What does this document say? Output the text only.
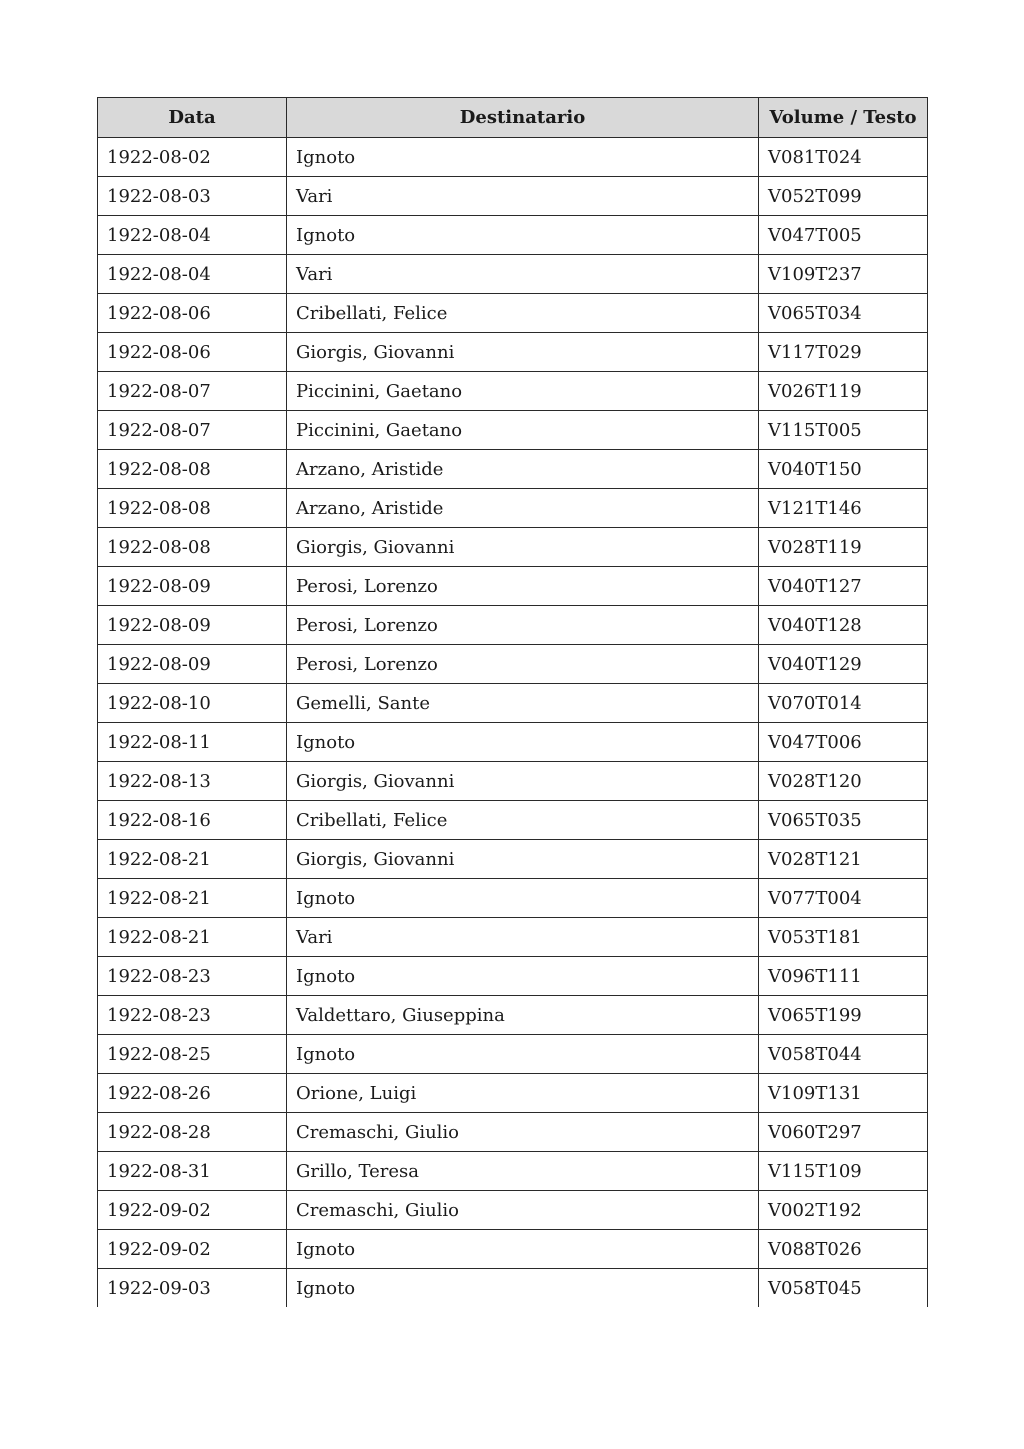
Data	Destinatario	Volume / Testo
1922-08-02	Ignoto	V081T024
1922-08-03	Vari	V052T099
1922-08-04	Ignoto	V047T005
1922-08-04	Vari	V109T237
1922-08-06	Cribellati, Felice	V065T034
1922-08-06	Giorgis, Giovanni	V117T029
1922-08-07	Piccinini, Gaetano	V026T119
1922-08-07	Piccinini, Gaetano	V115T005
1922-08-08	Arzano, Aristide	V040T150
1922-08-08	Arzano, Aristide	V121T146
1922-08-08	Giorgis, Giovanni	V028T119
1922-08-09	Perosi, Lorenzo	V040T127
1922-08-09	Perosi, Lorenzo	V040T128
1922-08-09	Perosi, Lorenzo	V040T129
1922-08-10	Gemelli, Sante	V070T014
1922-08-11	Ignoto	V047T006
1922-08-13	Giorgis, Giovanni	V028T120
1922-08-16	Cribellati, Felice	V065T035
1922-08-21	Giorgis, Giovanni	V028T121
1922-08-21	Ignoto	V077T004
1922-08-21	Vari	V053T181
1922-08-23	Ignoto	V096T111
1922-08-23	Valdettaro, Giuseppina	V065T199
1922-08-25	Ignoto	V058T044
1922-08-26	Orione, Luigi	V109T131
1922-08-28	Cremaschi, Giulio	V060T297
1922-08-31	Grillo, Teresa	V115T109
1922-09-02	Cremaschi, Giulio	V002T192
1922-09-02	Ignoto	V088T026
1922-09-03	Ignoto	V058T045
